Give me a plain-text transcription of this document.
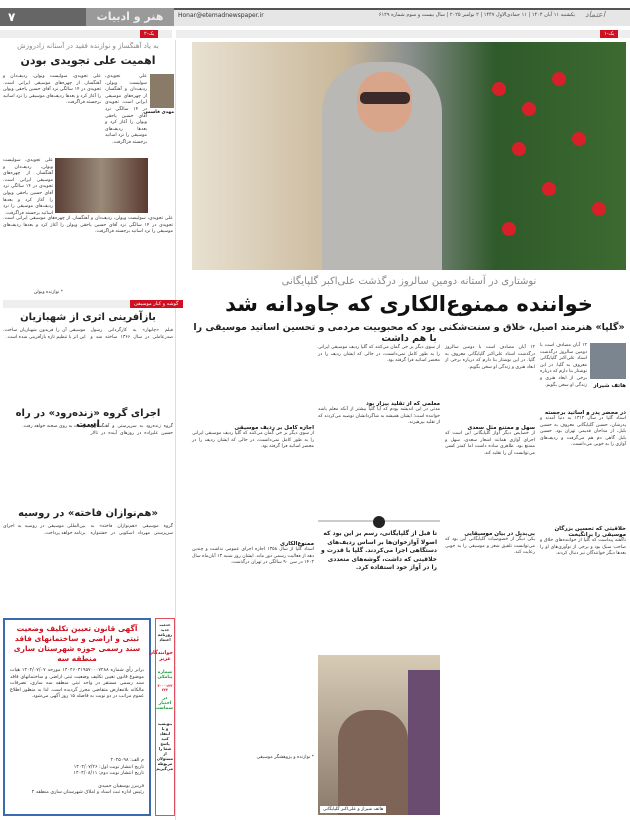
۷	هنر و ادبیات	Honar@etemadnewspaper.ir	یکشنبه ۱۱ آبان ۱۴۰۴ | ۱۱ جمادی‌الاول ۱۴۴۷ | ۲ نوامبر ۲۰۲۵ | سال بیست و سوم شماره ۶۱۲۹ اعتماد
یک-۲	یک-۱
نوشتاری در آستانه دومین سالروز درگذشت علی‌اکبر گلپایگانی
خواننده ممنوع‌الکاری که جاودانه شد
«گلپا» هنرمند اصیل، خلاق و سنت‌شکنی بود که محبوبیت مردمی و تحسین اساتید موسیقی را با هم داشت
هاتف شیراز
۱۲ آبان مصادف است با دومین سالروز درگذشت استاد علی‌اکبر گلپایگانی معروف به گلپا. در این نوشتار بنا دارم که درباره برخی از ابعاد هنری و زندگی او سخن بگویم.
در محضر پدر و اساتید برجسته
استاد گلپا در سال ۱۳۱۲ به دنیا آمدند و پدرشان، حسین گلپایگانی معروف به حسین بلبل، از مداحان قدیمی تهران بود. حسین بلبل گاهی دم هم می‌گرفت و ردیف‌های آوازی را به خوبی می‌دانست.
خلاقیتی که تحسین بزرگان موسیقی را برانگیخت
ناگفته پیداست که گلپا از خواننده‌های خلاق و صاحب سبک بود و برخی از نوآوری‌های او را بعدها دیگر خوانندگان نیز دنبال کردند.
۱۲ آبان مصادف است با دومین سالروز درگذشت استاد علی‌اکبر گلپایگانی معروف به گلپا. در این نوشتار بنا دارم که درباره برخی از ابعاد هنری و زندگی او سخن بگویم.
سهل و ممتنع مثل سعدی
از خصایص دیگر آواز گلپایگانی این است که اجرای آوازی همانند اشعار سعدی، سهل و ممتنع بود. ظاهری ساده داشت اما کمتر کسی می‌توانست آن را تقلید کند.
بی‌بدیل در بیان موسیقایی
یکی دیگر از خصوصیات گلپایگانی این بود که می‌توانست تلفیق شعر و موسیقی را به خوبی رعایت کند.
از سوی دیگر بر خی گمان می‌کنند که گلپا ردیف موسیقی ایرانی را به طور کامل نمی‌دانست، در حالی که ایشان ردیف را در محضر اساتید فرا گرفته بود.
معلمی که از تقلید بیزار بود
مدتی در این اندیشه بودم که آیا گلپا بیشتر از آنکه معلم باشد خواننده است؛ ایشان همیشه به شاگردانشان توصیه می‌کردند که از تقلید بپرهیزند.
تا قبل از گلپایگانی، رسم بر این بود که اصولا آوازخوان‌ها بر اساس ردیف‌های دستگاهی اجرا می‌کردند. گلپا با قدرت و خلاقیتی که داشت، گوشه‌های متعددی را در آواز خود استفاده کرد.
اجازه کامل بر ردیف موسیقی
از سوی دیگر بر خی گمان می‌کنند که گلپا ردیف موسیقی ایرانی را به طور کامل نمی‌دانست، در حالی که ایشان ردیف را در محضر اساتید فرا گرفته بود.
ممنوع‌الکاری
استاد گلپا از سال ۱۳۵۸ اجازه اجرای عمومی نداشت و چندین دهه از فعالیت رسمی دور ماند. ایشان روز شنبه ۱۳ آبان‌ماه سال ۱۴۰۲ در سن ۹۰ سالگی در تهران درگذشت.
* نوازنده و پژوهشگر موسیقی
هاتف شیراز و علی‌اکبر گلپایگانی
به یاد آهنگساز و نوازنده فقید در آستانه زادروزش
اهمیت علی تجویدی بودن
مهدی قاسمی
علی تجویدی، سولیست ویولن، ردیف‌دان و آهنگساز، از چهره‌های موسیقی ایرانی است. تجویدی در ۱۴ سالگی نزد آقای حسین یاحقی ویولن را آغاز کرد و بعدها ردیف‌های موسیقی را نزد اساتید برجسته فراگرفت.
علی تجویدی، سولیست ویولن، ردیف‌دان و آهنگساز، از چهره‌های موسیقی ایرانی است. تجویدی در ۱۴ سالگی نزد آقای حسین یاحقی ویولن را آغاز کرد و بعدها ردیف‌های موسیقی را نزد اساتید برجسته فراگرفت.
علی تجویدی، سولیست ویولن، ردیف‌دان و آهنگساز، از چهره‌های موسیقی ایرانی است. تجویدی در ۱۴ سالگی نزد آقای حسین یاحقی ویولن را آغاز کرد و بعدها ردیف‌های موسیقی را نزد اساتید برجسته فراگرفت.
علی تجویدی، سولیست ویولن، ردیف‌دان و آهنگساز، از چهره‌های موسیقی ایرانی است. تجویدی در ۱۴ سالگی نزد آقای حسین یاحقی ویولن را آغاز کرد و بعدها ردیف‌های موسیقی را نزد اساتید برجسته فراگرفت.
* نوازنده ویولن
گوشه و کنار موسیقی
بازآفرینی اثری از شهبازیان
فیلم «چابهار» به کارگردانی رسول صدرعاملی در سال ۱۳۶۶ ساخته شد و موسیقی آن را فریدون شهبازیان ساخت. این اثر با تنظیم تازه بازآفرینی شده است.
اجرای گروه «زنده‌رود» در راه است
گروه زنده‌رود به سرپرستی و آهنگسازی حسین علیزاده در روزهای آینده در تالار وحدت به روی صحنه خواهد رفت.
«هم‌نوازان فاخته» در روسیه
گروه موسیقی «هم‌نوازان فاخته» به سرپرستی مهرداد اسکویی در جشنواره بین‌المللی موسیقی در روسیه به اجرای برنامه خواهد پرداخت.
آگهی قانون تعیین تکلیف وضعیت ثبتی و اراضی و ساختمانهای فاقد سند رسمی حوزه شهرستان ساری منطقه سه
برابر رأی شماره ۱۴۰۴۶۰۳۱۹۵۷۰۰۰۷۲۸۸ مورخه ۱۴۰۴/۰۷/۰۷ هیات موضوع قانون تعیین تکلیف وضعیت ثبتی اراضی و ساختمانهای فاقد سند رسمی مستقر در واحد ثبتی منطقه سه ساری، تصرفات مالکانه بلامعارض متقاضی محرز گردیده است. لذا به منظور اطلاع عموم مراتب در دو نوبت به فاصله ۱۵ روز آگهی می‌شود.
م الف: ۲۰۲۵۰۹۸
تاریخ انتشار نوبت اول: ۱۴۰۴/۰۷/۲۶
تاریخ انتشار نوبت دوم: ۱۴۰۴/۰۸/۱۱
فریبرز یوسفیان حمیدی
رئیس اداره ثبت اسناد و املاک شهرستان ساری منطقه ۲
خدمت جدید روزنامه اعتماد
خوانندگان عزیز
شماره پیامکی
۳۰۰۰۱۲۲۲۲۲
در اختیار شماست
بنویسید و با انتقاد کنید پاسخ شما را از مسئولان مربوطه می‌گیریم
